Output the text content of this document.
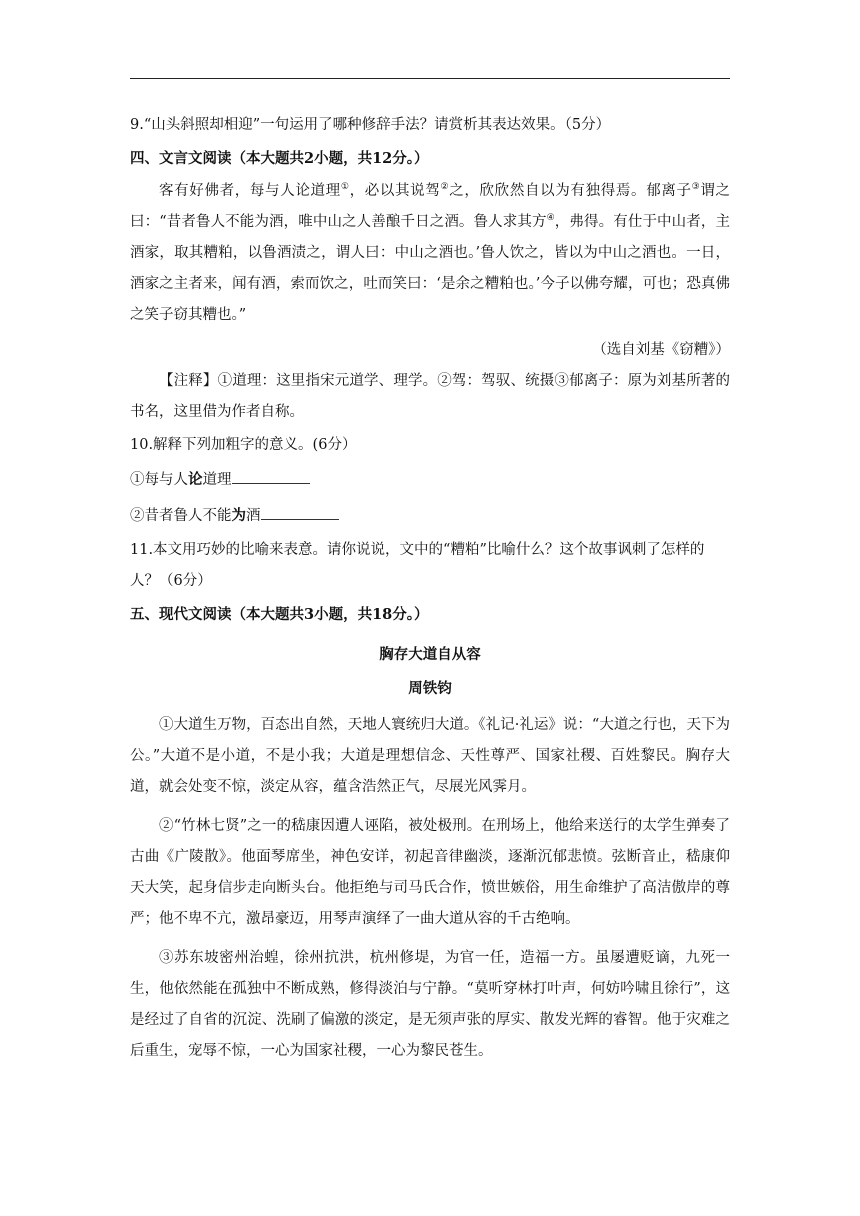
9.“山头斜照却相迎”一句运用了哪种修辞手法？请赏析其表达效果。（5分）

四、文言文阅读（本大题共2小题，共12分。）

客有好佛者，每与人论道理①，必以其说驾②之，欣欣然自以为有独得焉。郁离子③谓之曰：“昔者鲁人不能为酒，唯中山之人善酿千日之酒。鲁人求其方④，弗得。有仕于中山者，主酒家，取其糟粕，以鲁酒渍之，谓人曰：中山之酒也。’鲁人饮之，皆以为中山之酒也。一日，酒家之主者来，闻有酒，索而饮之，吐而笑曰：‘是余之糟粕也。’今子以佛夸耀，可也；恐真佛之笑子窃其糟也。”

（选自刘基《窃糟》）

【注释】①道理：这里指宋元道学、理学。②驾：驾驭、统摄③郁离子：原为刘基所著的书名，这里借为作者自称。

10.解释下列加粗字的意义。(6分）

①每与人论道理

②昔者鲁人不能为酒

11.本文用巧妙的比喻来表意。请你说说，文中的“糟粕”比喻什么？这个故事讽刺了怎样的人？（6分）

五、现代文阅读（本大题共3小题，共18分。）

胸存大道自从容

周铁钧

①大道生万物，百态出自然，天地人寰统归大道。《礼记·礼运》说：“大道之行也，天下为公。”大道不是小道，不是小我；大道是理想信念、天性尊严、国家社稷、百姓黎民。胸存大道，就会处变不惊，淡定从容，蕴含浩然正气，尽展光风霁月。

②“竹林七贤”之一的嵇康因遭人诬陷，被处极刑。在刑场上，他给来送行的太学生弹奏了古曲《广陵散》。他面琴席坐，神色安详，初起音律幽淡，逐渐沉郁悲愤。弦断音止，嵇康仰天大笑，起身信步走向断头台。他拒绝与司马氏合作，愤世嫉俗，用生命维护了高洁傲岸的尊严；他不卑不亢，激昂豪迈，用琴声演绎了一曲大道从容的千古绝响。

③苏东坡密州治蝗，徐州抗洪，杭州修堤，为官一任，造福一方。虽屡遭贬谪，九死一生，他依然能在孤独中不断成熟，修得淡泊与宁静。“莫听穿林打叶声，何妨吟啸且徐行”，这是经过了自省的沉淀、洗刷了偏激的淡定，是无须声张的厚实、散发光辉的睿智。他于灾难之后重生，宠辱不惊，一心为国家社稷，一心为黎民苍生。
